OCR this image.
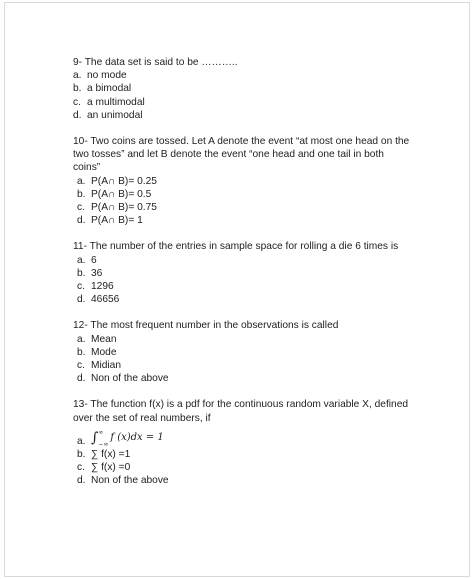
9- The data set is said to be ………..
a. no mode
b. a bimodal
c. a multimodal
d. an unimodal
10- Two coins are tossed. Let A denote the event “at most one head on the two tosses” and let B denote the event “one head and one tail in both coins”
a. P(A∩ B)= 0.25
b. P(A∩ B)= 0.5
c. P(A∩ B)= 0.75
d. P(A∩ B)= 1
11- The number of the entries in sample space for rolling a die 6 times is
a. 6
b. 36
c. 1296
d. 46656
12- The most frequent number in the observations is called
a. Mean
b. Mode
c. Midian
d. Non of the above
13- The function f(x) is a pdf for the continuous random variable X, defined over the set of real numbers, if
a. ∫ ∞
−∞
f (x)dx = 1
b. ∑ f(x) =1
c. ∑ f(x) =0
d. Non of the above
